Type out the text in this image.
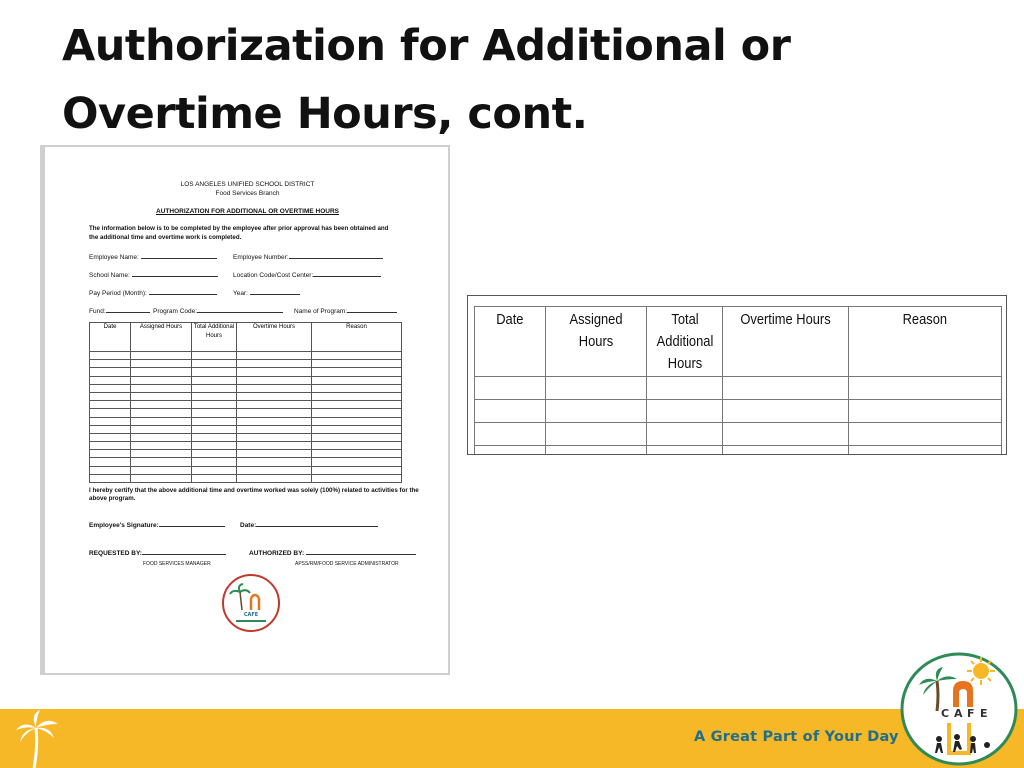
Authorization for Additional or
Overtime Hours, cont.
LOS ANGELES UNIFIED SCHOOL DISTRICT
Food Services Branch
AUTHORIZATION FOR ADDITIONAL OR OVERTIME HOURS
The information below is to be completed by the employee after prior approval has been obtained and
the additional time and overtime work is completed.
Employee Name:	Employee Number:
School Name:	Location Code/Cost Center:
Pay Period (Month):	Year:
Fund:	Program Code:	Name of Program:
Date	Assigned Hours	Total Additional Hours	Overtime Hours	Reason

I hereby certify that the above additional time and overtime worked was solely (100%) related to activities for the
above program.
Employee's Signature:	Date:
REQUESTED BY:	AUTHORIZED BY:
FOOD SERVICES MANAGER	APSS/RM/FOOD SERVICE ADMINISTRATOR
CAFE
Date	Assigned Hours	Total Additional Hours	Overtime Hours	Reason

A Great Part of Your Day
C A F E
